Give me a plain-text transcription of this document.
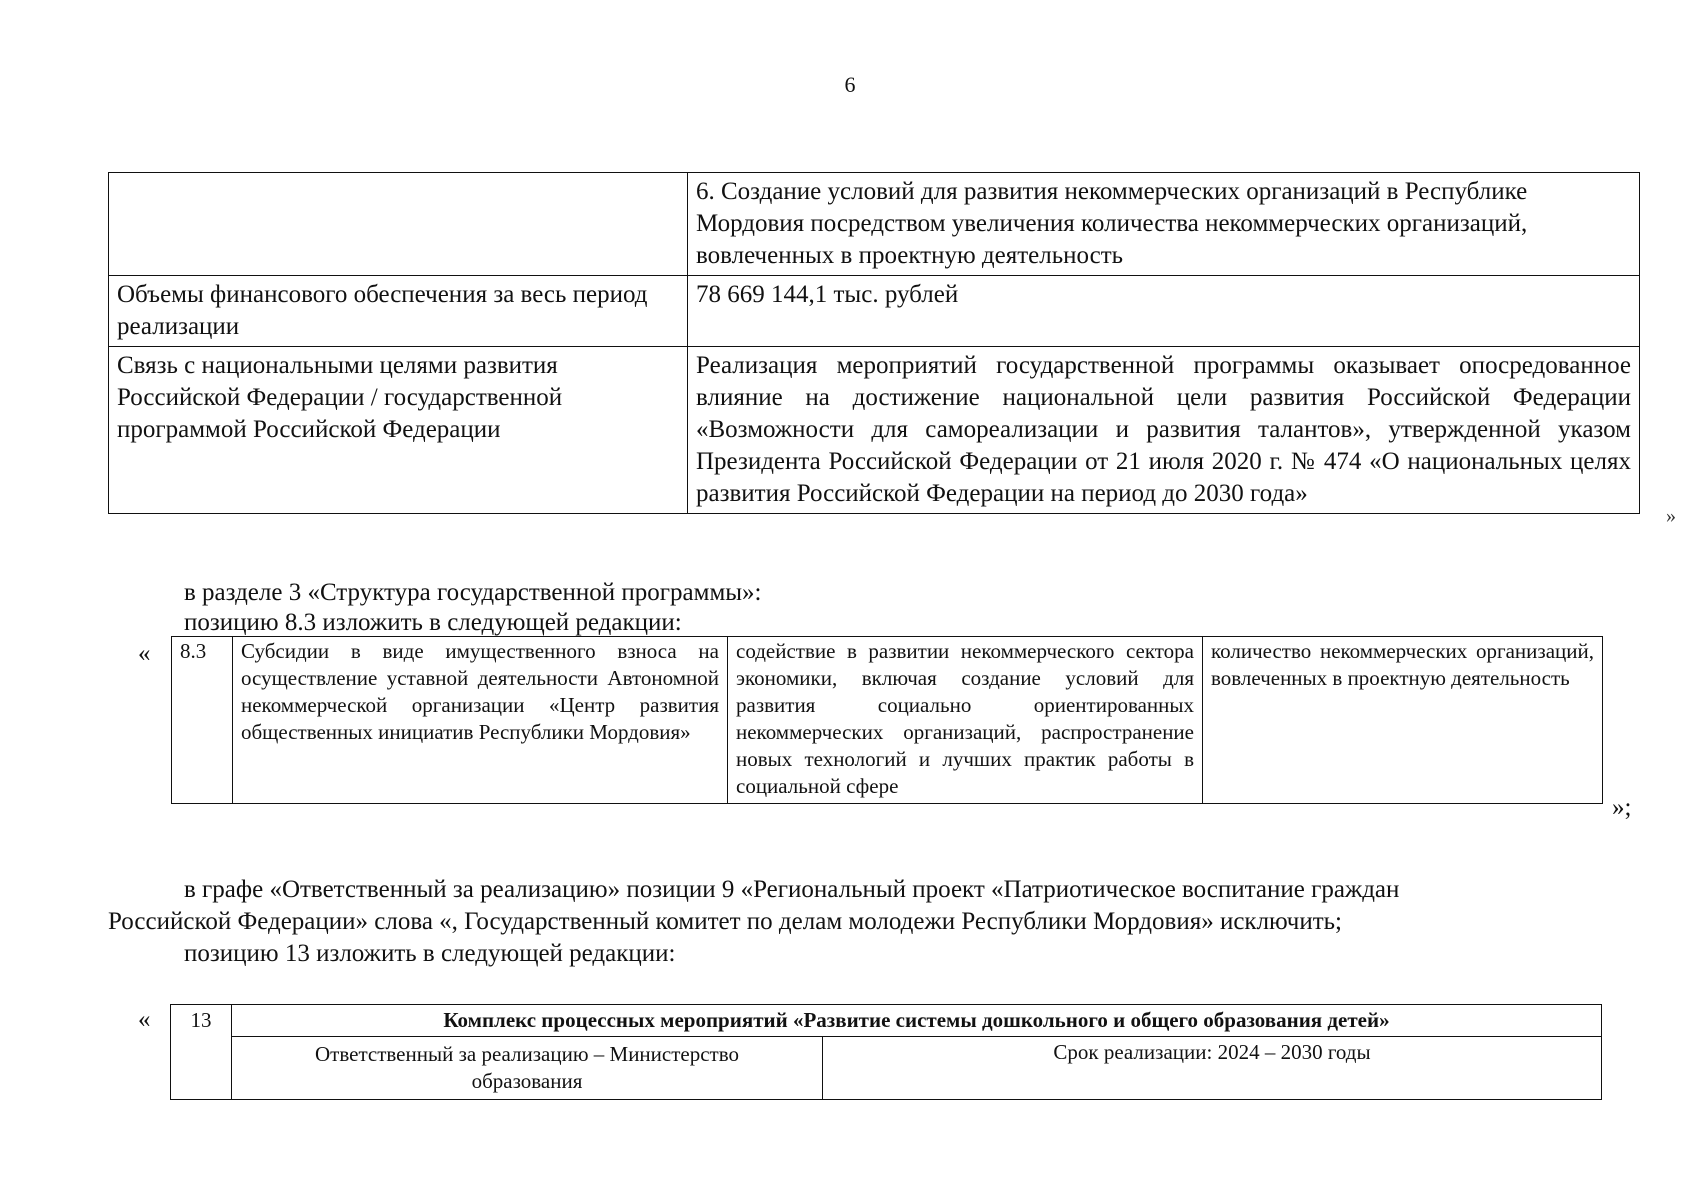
6
	6. Создание условий для развития некоммерческих организаций в Республике Мордовия посредством увеличения количества некоммерческих организаций, вовлеченных в проектную деятельность
Объемы финансового обеспечения за весь период реализации	78 669 144,1 тыс. рублей
Связь с национальными целями развития Российской Федерации / государственной программой Российской Федерации	Реализация мероприятий государственной программы оказывает опосредованное влияние на достижение национальной цели развития Российской Федерации «Возможности для самореализации и развития талантов», утвержденной указом Президента Российской Федерации от 21 июля 2020 г. № 474 «О национальных целях развития Российской Федерации на период до 2030 года»
»
в разделе 3 «Структура государственной программы»:
позицию 8.3 изложить в следующей редакции:
« 8.3	Субсидии в виде имущественного взноса на осуществление уставной деятельности Автономной некоммерческой организации «Центр развития общественных инициатив Республики Мордовия»	содействие в развитии некоммерческого сектора экономики, включая создание условий для развития социально ориентированных некоммерческих организаций, распространение новых технологий и лучших практик работы в социальной сфере	количество некоммерческих организаций, вовлеченных в проектную деятельность
»;
в графе «Ответственный за реализацию» позиции 9 «Региональный проект «Патриотическое воспитание граждан
Российской Федерации» слова «, Государственный комитет по делам молодежи Республики Мордовия» исключить;
позицию 13 изложить в следующей редакции:
« 13	Комплекс процессных мероприятий «Развитие системы дошкольного и общего образования детей»	
	Ответственный за реализацию – Министерство образования	Срок реализации: 2024 – 2030 годы
